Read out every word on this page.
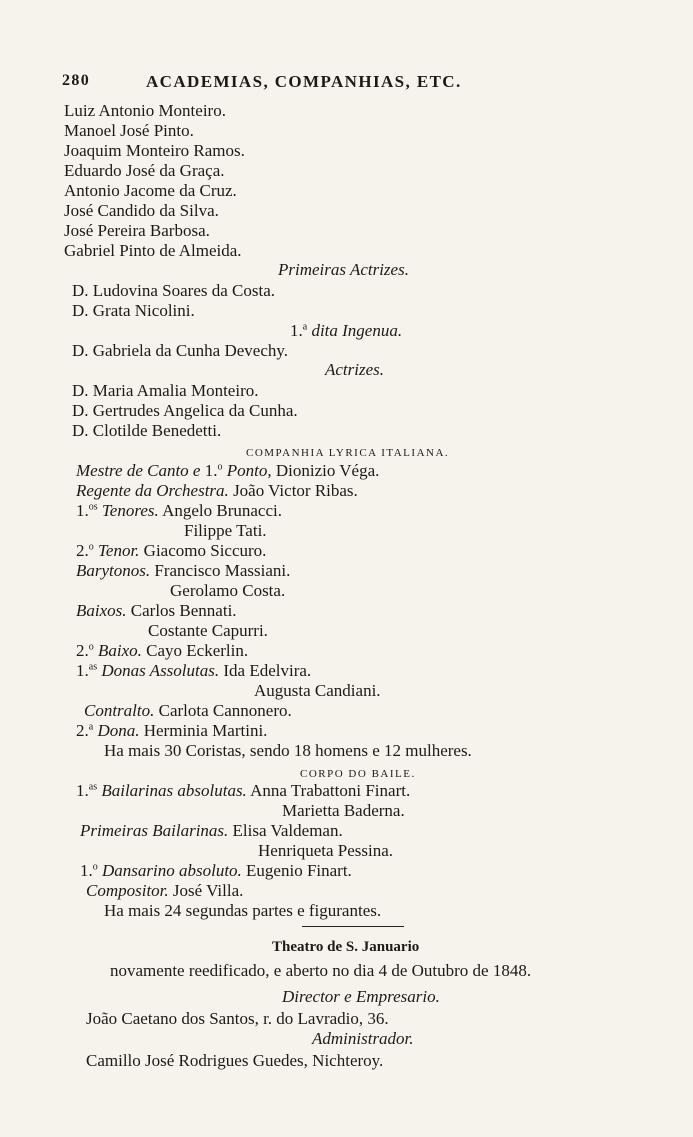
280	ACADEMIAS, COMPANHIAS, ETC.
Luiz Antonio Monteiro.
Manoel José Pinto.
Joaquim Monteiro Ramos.
Eduardo José da Graça.
Antonio Jacome da Cruz.
José Candido da Silva.
José Pereira Barbosa.
Gabriel Pinto de Almeida.
Primeiras Actrizes.
D. Ludovina Soares da Costa.
D. Grata Nicolini.
1.$^a$ dita Ingenua.
D. Gabriela da Cunha Devechy.
Actrizes.
D. Maria Amalia Monteiro.
D. Gertrudes Angelica da Cunha.
D. Clotilde Benedetti.
COMPANHIA LYRICA ITALIANA.
Mestre de Canto e 1.$^o$ Ponto, Dionizio Véga.
Regente da Orchestra. João Victor Ribas.
1.$^{os}$ Tenores. Angelo Brunacci.
Filippe Tati.
2.$^o$ Tenor. Giacomo Siccuro.
Barytonos. Francisco Massiani.
Gerolamo Costa.
Baixos. Carlos Bennati.
Costante Capurri.
2.$^o$ Baixo. Cayo Eckerlin.
1.$^{as}$ Donas Assolutas. Ida Edelvira.
Augusta Candiani.
Contralto. Carlota Cannonero.
2.$^a$ Dona. Herminia Martini.
Ha mais 30 Coristas, sendo 18 homens e 12 mulheres.
CORPO DO BAILE.
1.$^{as}$ Bailarinas absolutas. Anna Trabattoni Finart.
Marietta Baderna.
Primeiras Bailarinas. Elisa Valdeman.
Henriqueta Pessina.
1.$^o$ Dansarino absoluto. Eugenio Finart.
Compositor. José Villa.
Ha mais 24 segundas partes e figurantes.
Theatro de S. Januario
novamente reedificado, e aberto no dia 4 de Outubro de 1848.
Director e Empresario.
João Caetano dos Santos, r. do Lavradio, 36.
Administrador.
Camillo José Rodrigues Guedes, Nichteroy.
